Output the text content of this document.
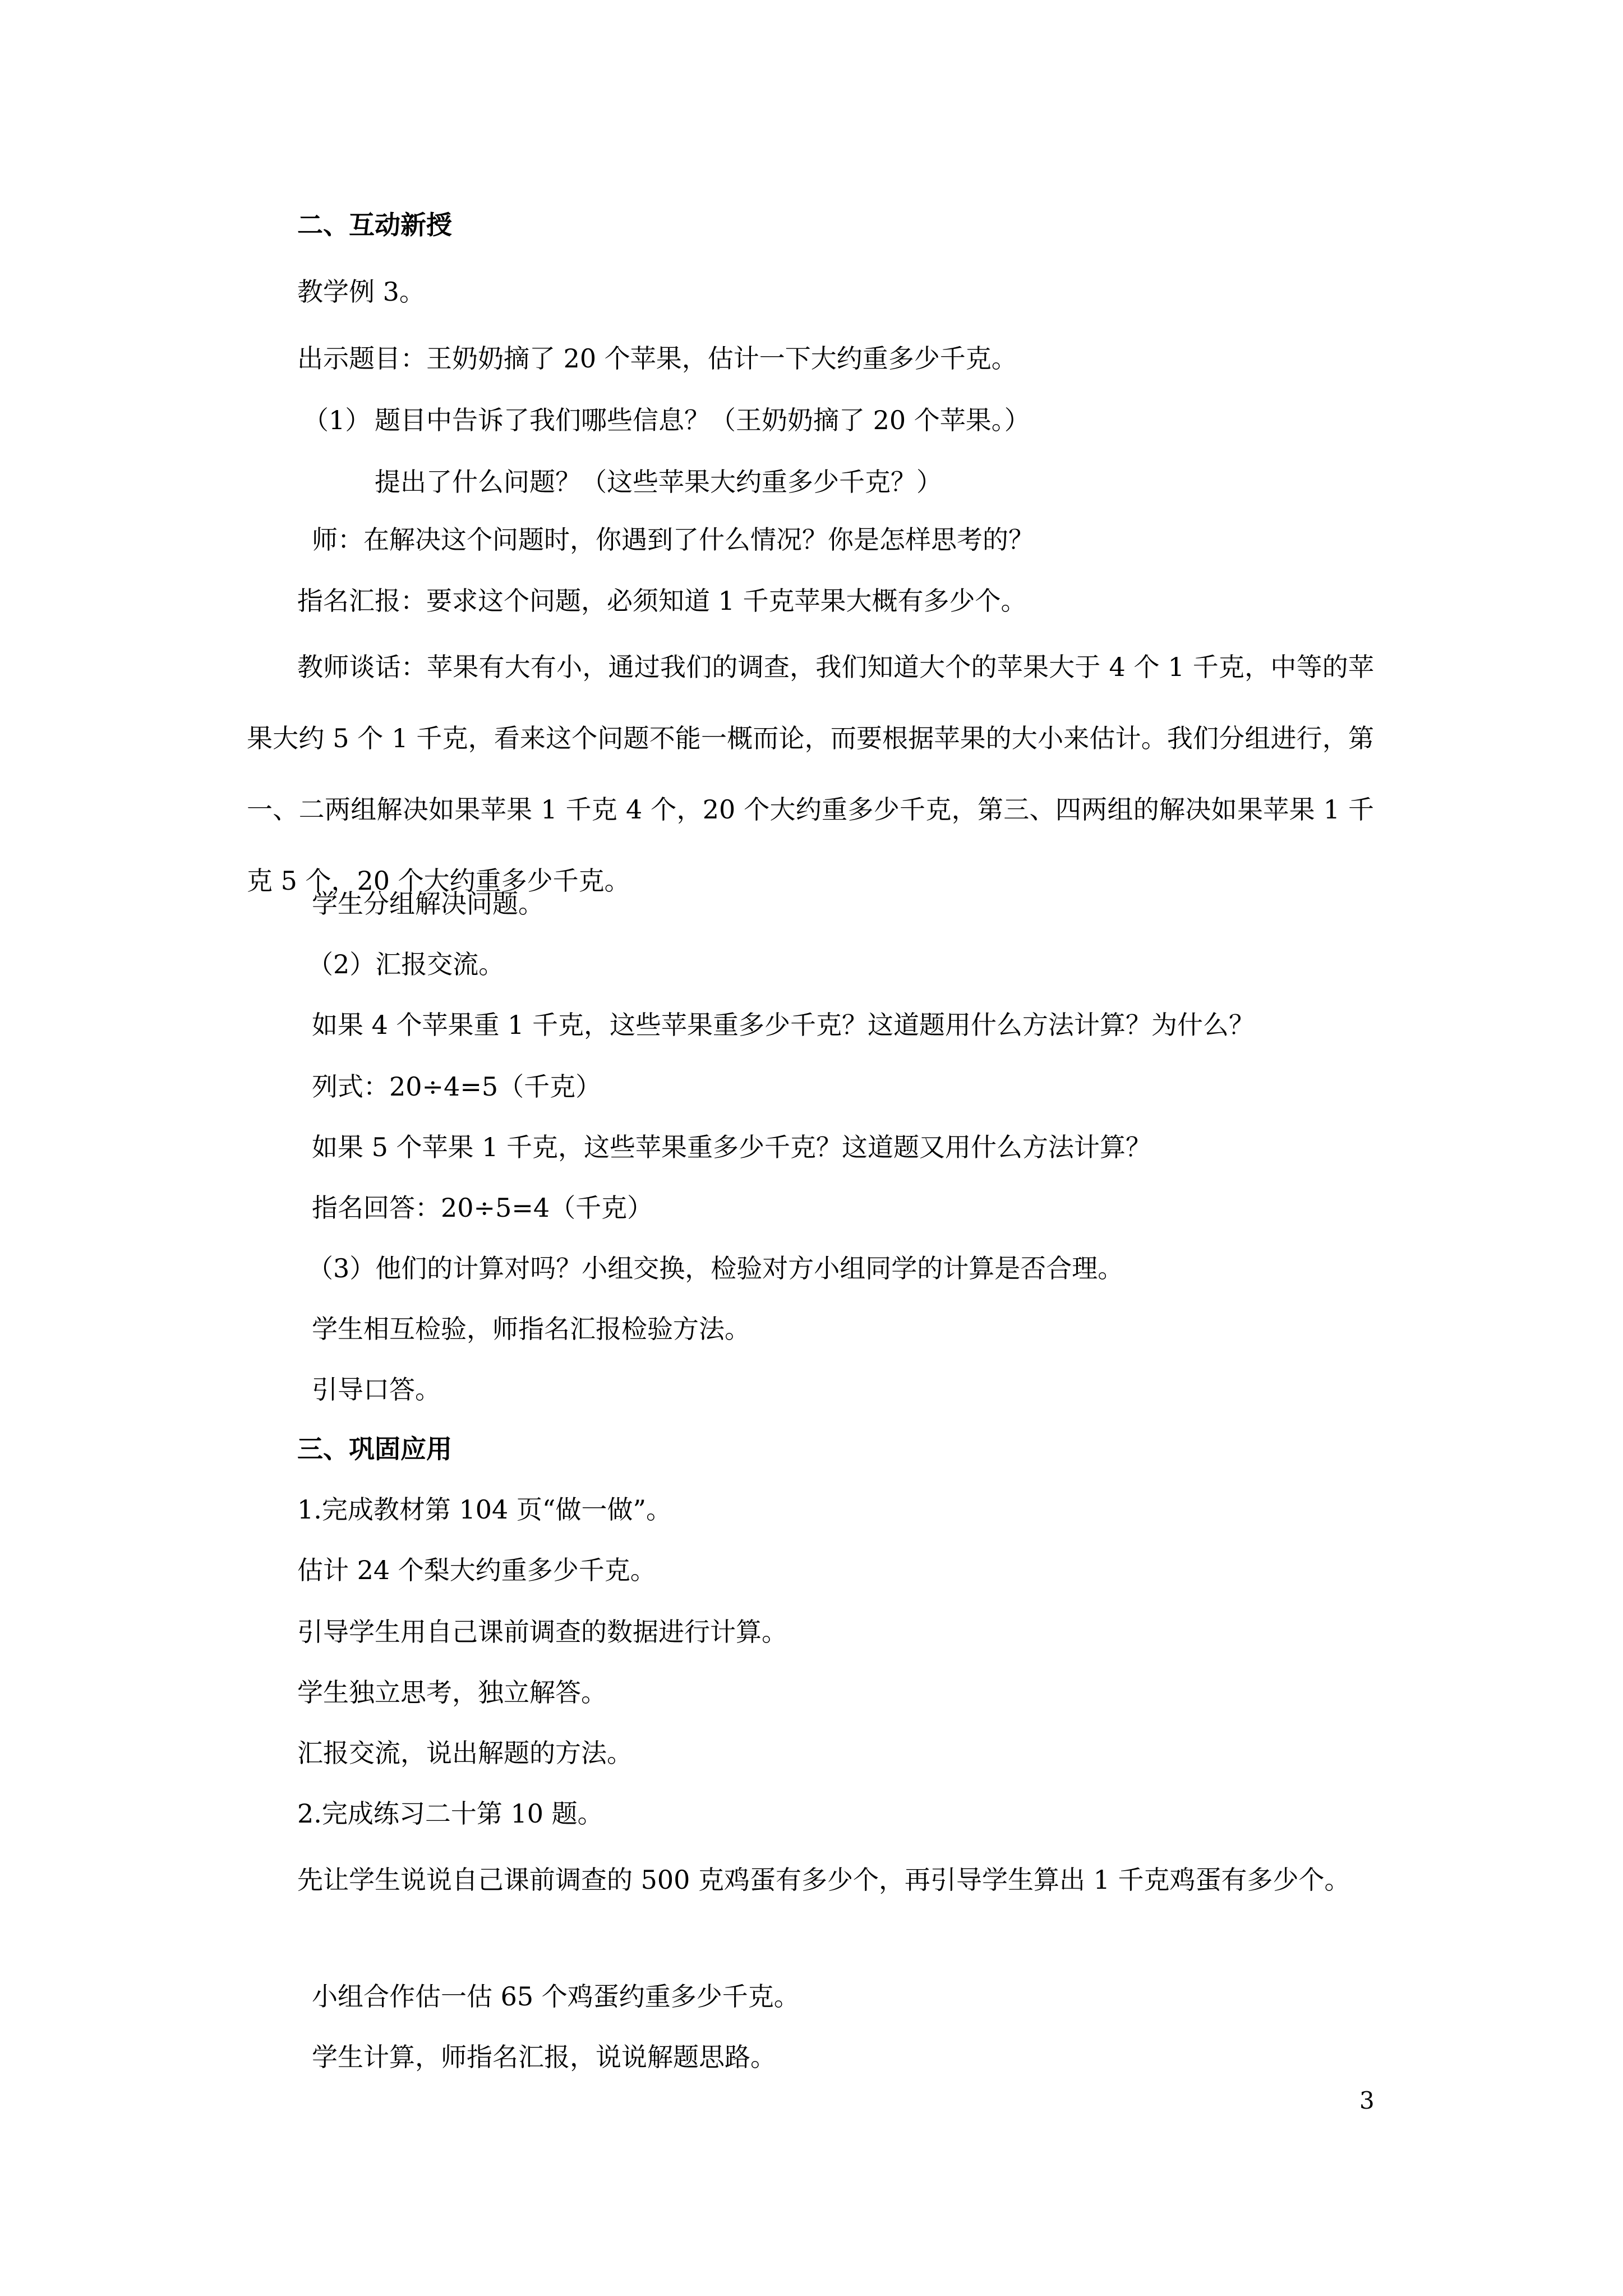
二、互动新授

教学例 3。

出示题目：王奶奶摘了 20 个苹果，估计一下大约重多少千克。

（1） 题目中告诉了我们哪些信息？（王奶奶摘了 20 个苹果。）

提出了什么问题？（这些苹果大约重多少千克？）

师：在解决这个问题时，你遇到了什么情况？你是怎样思考的？

指名汇报：要求这个问题，必须知道 1 千克苹果大概有多少个。

教师谈话：苹果有大有小，通过我们的调查，我们知道大个的苹果大于 4 个 1 千克，中等的苹果大约 5 个 1 千克，看来这个问题不能一概而论，而要根据苹果的大小来估计。我们分组进行，第一、二两组解决如果苹果 1 千克 4 个，20 个大约重多少千克，第三、四两组的解决如果苹果 1 千克 5 个，20 个大约重多少千克。

学生分组解决问题。

（2）汇报交流。

如果 4 个苹果重 1 千克，这些苹果重多少千克？这道题用什么方法计算？为什么？

列式：20÷4=5（千克）

如果 5 个苹果 1 千克，这些苹果重多少千克？这道题又用什么方法计算？

指名回答：20÷5=4（千克）

（3）他们的计算对吗？小组交换，检验对方小组同学的计算是否合理。

学生相互检验，师指名汇报检验方法。

引导口答。

三、巩固应用

1.完成教材第 104 页“做一做”。

估计 24 个梨大约重多少千克。

引导学生用自己课前调查的数据进行计算。

学生独立思考，独立解答。

汇报交流，说出解题的方法。

2.完成练习二十第 10 题。

先让学生说说自己课前调查的 500 克鸡蛋有多少个，再引导学生算出 1 千克鸡蛋有多少个。

小组合作估一估 65 个鸡蛋约重多少千克。

学生计算，师指名汇报，说说解题思路。

3
